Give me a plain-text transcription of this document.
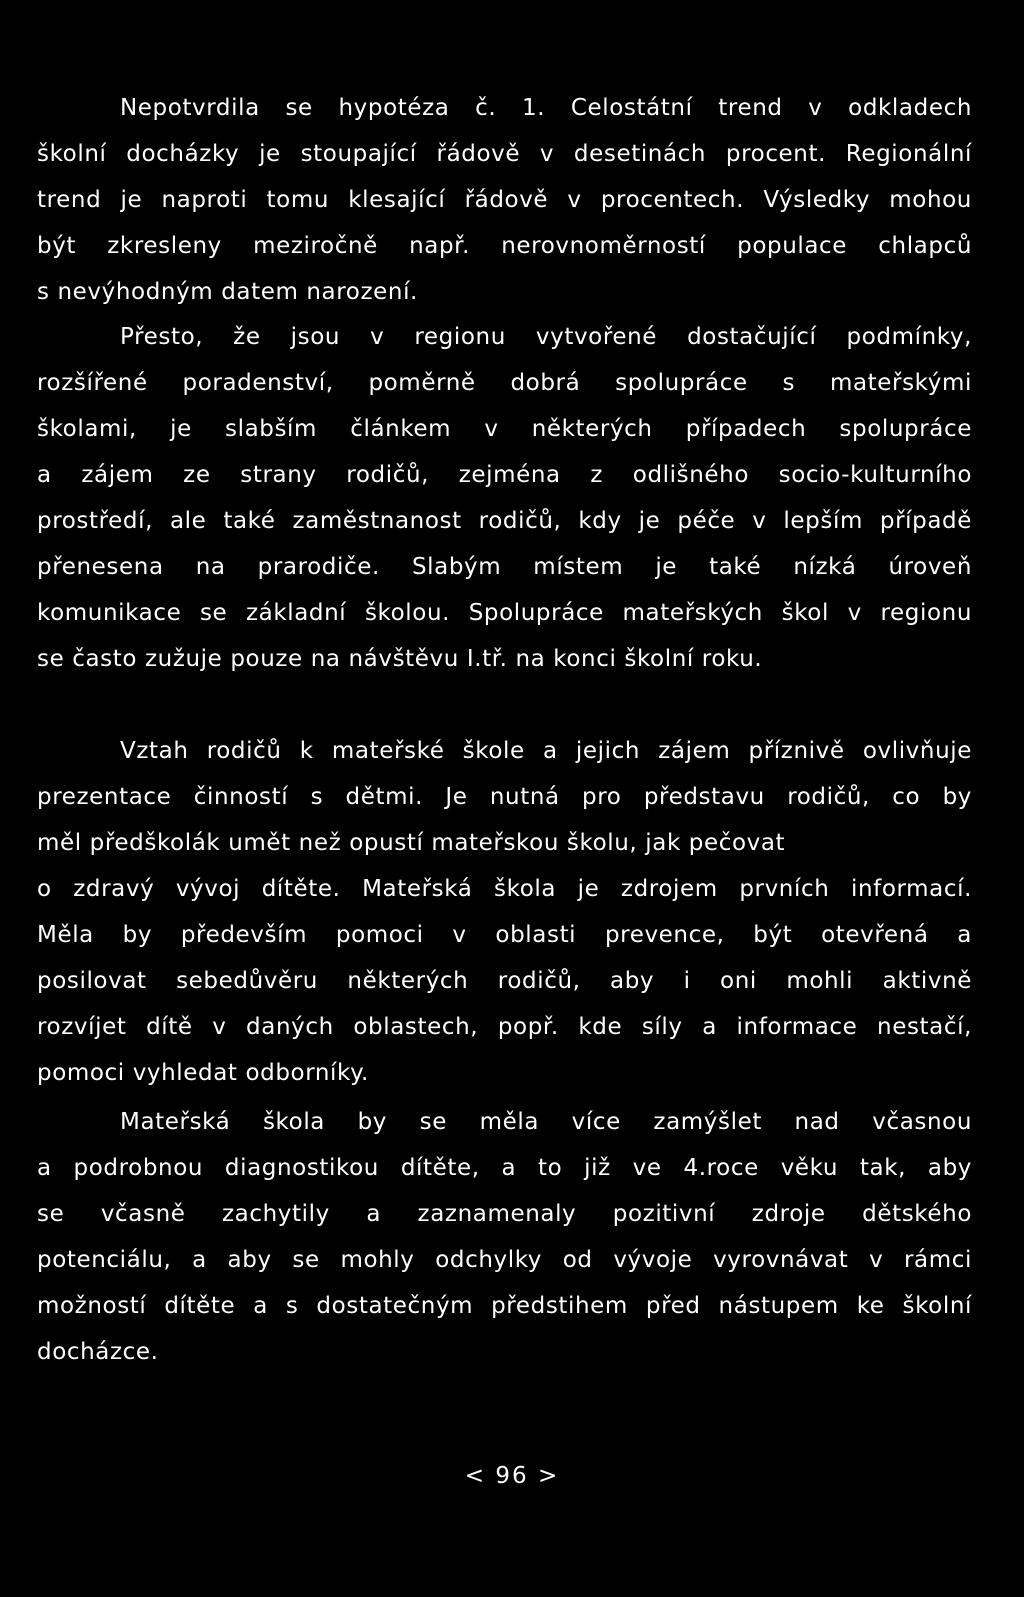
Nepotvrdila se hypotéza č. 1. Celostátní trend v odkladech
školní docházky je stoupající řádově v desetinách procent. Regionální
trend je naproti tomu klesající řádově v procentech. Výsledky mohou
být zkresleny meziročně např. nerovnoměrností populace chlapců
s nevýhodným datem narození.
Přesto, že jsou v regionu vytvořené dostačující podmínky,
rozšířené poradenství, poměrně dobrá spolupráce s mateřskými
školami, je slabším článkem v některých případech spolupráce
a zájem ze strany rodičů, zejména z odlišného socio-kulturního
prostředí, ale také zaměstnanost rodičů, kdy je péče v lepším případě
přenesena na prarodiče. Slabým místem je také nízká úroveň
komunikace se základní školou. Spolupráce mateřských škol v regionu
se často zužuje pouze na návštěvu I.tř. na konci školní roku.
Vztah rodičů k mateřské škole a jejich zájem příznivě ovlivňuje
prezentace činností s dětmi. Je nutná pro představu rodičů, co by
měl předškolák umět než opustí mateřskou školu, jak pečovat
o zdravý vývoj dítěte. Mateřská škola je zdrojem prvních informací.
Měla by především pomoci v oblasti prevence, být otevřená a
posilovat sebedůvěru některých rodičů, aby i oni mohli aktivně
rozvíjet dítě v daných oblastech, popř. kde síly a informace nestačí,
pomoci vyhledat odborníky.
Mateřská škola by se měla více zamýšlet nad včasnou
a podrobnou diagnostikou dítěte, a to již ve 4.roce věku tak, aby
se včasně zachytily a zaznamenaly pozitivní zdroje dětského
potenciálu, a aby se mohly odchylky od vývoje vyrovnávat v rámci
možností dítěte a s dostatečným předstihem před nástupem ke školní
docházce.
< 96 >
